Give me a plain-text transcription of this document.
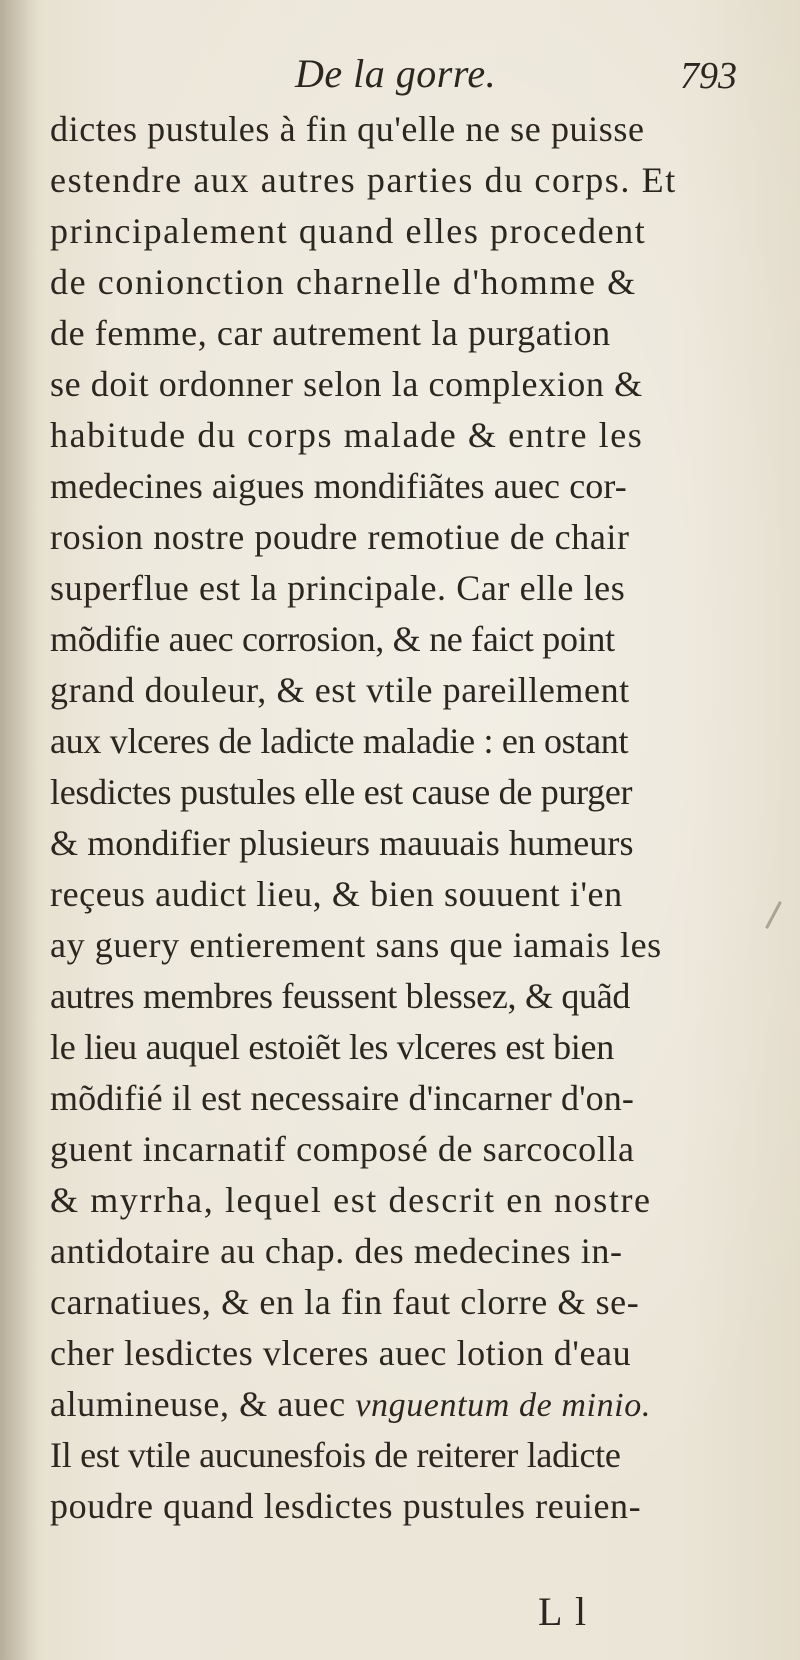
De la gorre.	793
dictes pustules à fin qu'elle ne se puisse
estendre aux autres parties du corps. Et
principalement quand elles procedent
de conionction charnelle d'homme &
de femme, car autrement la purgation
se doit ordonner selon la complexion &
habitude du corps malade & entre les
medecines aigues mondifiãtes auec cor-
rosion nostre poudre remotiue de chair
superflue est la principale. Car elle les
mõdifie auec corrosion, & ne faict point
grand douleur, & est vtile pareillement
aux vlceres de ladicte maladie : en ostant
lesdictes pustules elle est cause de purger
& mondifier plusieurs mauuais humeurs
reçeus audict lieu, & bien souuent i'en
ay guery entierement sans que iamais les
autres membres feussent blessez, & quãd
le lieu auquel estoiẽt les vlceres est bien
mõdifié il est necessaire d'incarner d'on-
guent incarnatif composé de sarcocolla
& myrrha, lequel est descrit en nostre
antidotaire au chap. des medecines in-
carnatiues, & en la fin faut clorre & se-
cher lesdictes vlceres auec lotion d'eau
alumineuse, & auec vnguentum de minio.
Il est vtile aucunesfois de reiterer ladicte
poudre quand lesdictes pustules reuien-
L l
